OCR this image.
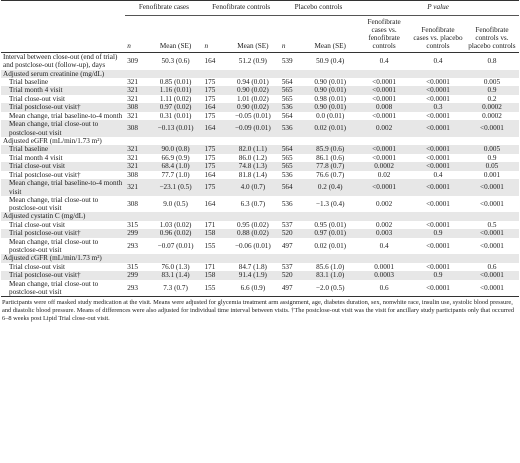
	Fenofibrate cases		Fenofibrate controls		Placebo controls		P value		
	n	Mean (SE)	n	Mean (SE)	n	Mean (SE)	Fenofibrate cases vs. fenofibrate controls	Fenofibrate cases vs. placebo controls	Fenofibrate controls vs. placebo controls
Interval between close-out (end of trial) and postclose-out (follow-up), days	309	50.3 (0.6)	164	51.2 (0.9)	539	50.9 (0.4)	0.4	0.4	0.8
Adjusted serum creatinine (mg/dL)									
Trial baseline	321	0.85 (0.01)	175	0.94 (0.01)	564	0.90 (0.01)	<0.0001	<0.0001	0.005
Trial month 4 visit	321	1.16 (0.01)	175	0.90 (0.02)	565	0.90 (0.01)	<0.0001	<0.0001	0.9
Trial close-out visit	321	1.11 (0.02)	175	1.01 (0.02)	565	0.98 (0.01)	<0.0001	<0.0001	0.2
Trial postclose-out visit†	308	0.97 (0.02)	164	0.90 (0.02)	536	0.90 (0.01)	0.008	0.3	0.0002
Mean change, trial baseline-to-4 month	321	0.31 (0.01)	175	−0.05 (0.01)	564	0.0 (0.01)	<0.0001	<0.0001	0.0002
Mean change, trial close-out to postclose-out visit	308	−0.13 (0.01)	164	−0.09 (0.01)	536	0.02 (0.01)	0.002	<0.0001	<0.0001
Adjusted eGFR (mL/min/1.73 m²)									
Trial baseline	321	90.0 (0.8)	175	82.0 (1.1)	564	85.9 (0.6)	<0.0001	<0.0001	0.005
Trial month 4 visit	321	66.9 (0.9)	175	86.0 (1.2)	565	86.1 (0.6)	<0.0001	<0.0001	0.9
Trial close-out visit	321	68.4 (1.0)	175	74.8 (1.3)	565	77.8 (0.7)	0.0002	<0.0001	0.05
Trial postclose-out visit†	308	77.7 (1.0)	164	81.8 (1.4)	536	76.6 (0.7)	0.02	0.4	0.001
Mean change, trial baseline-to-4 month visit	321	−23.1 (0.5)	175	4.0 (0.7)	564	0.2 (0.4)	<0.0001	<0.0001	<0.0001
Mean change, trial close-out to postclose-out visit	308	9.0 (0.5)	164	6.3 (0.7)	536	−1.3 (0.4)	0.002	<0.0001	<0.0001
Adjusted cystatin C (mg/dL)									
Trial close-out visit	315	1.03 (0.02)	171	0.95 (0.02)	537	0.95 (0.01)	0.002	<0.0001	0.5
Trial postclose-out visit†	299	0.96 (0.02)	158	0.88 (0.02)	520	0.97 (0.01)	0.003	0.9	<0.0001
Mean change, trial close-out to postclose-out visit	293	−0.07 (0.01)	155	−0.06 (0.01)	497	0.02 (0.01)	0.4	<0.0001	<0.0001
Adjusted cGFR (mL/min/1.73 m²)									
Trial close-out visit	315	76.0 (1.3)	171	84.7 (1.8)	537	85.6 (1.0)	0.0001	<0.0001	0.6
Trial postclose-out visit†	299	83.1 (1.4)	158	91.4 (1.9)	520	83.1 (1.0)	0.0003	0.9	<0.0001
Mean change, trial close-out to postclose-out visit	293	7.3 (0.7)	155	6.6 (0.9)	497	−2.0 (0.5)	0.6	<0.0001	<0.0001
Participants were off masked study medication at the visit. Means were adjusted for glycemia treatment arm assignment, age, diabetes duration, sex, nonwhite race, insulin use, systolic blood pressure, and diastolic blood pressure. Means of differences were also adjusted for individual time interval between visits. †The postclose-out visit was the visit for ancillary study participants only that occurred 6–8 weeks post Lipid Trial close-out visit.
